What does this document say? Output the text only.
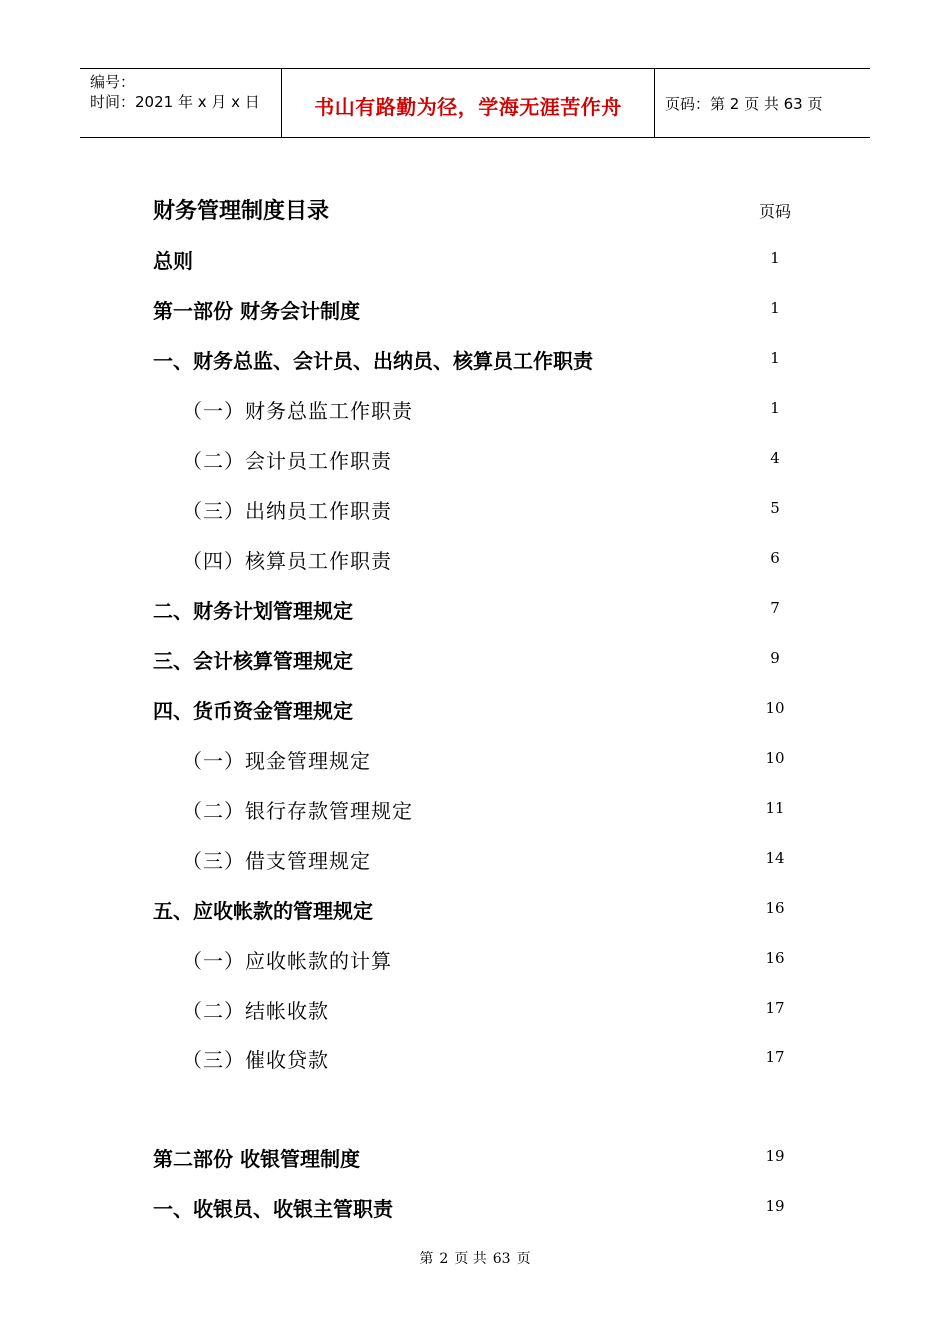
编号：
时间：2021 年 x 月 x 日	书山有路勤为径，学海无涯苦作舟	页码：第 2 页 共 63 页
财务管理制度目录	页码
总则	1
第一部份 财务会计制度	1
一、财务总监、会计员、出纳员、核算员工作职责	1
（一）财务总监工作职责	1
（二）会计员工作职责	4
（三）出纳员工作职责	5
（四）核算员工作职责	6
二、财务计划管理规定	7
三、会计核算管理规定	9
四、货币资金管理规定	10
（一）现金管理规定	10
（二）银行存款管理规定	11
（三）借支管理规定	14
五、应收帐款的管理规定	16
（一）应收帐款的计算	16
（二）结帐收款	17
（三）催收贷款	17
第二部份 收银管理制度	19
一、收银员、收银主管职责	19
第 2 页 共 63 页
